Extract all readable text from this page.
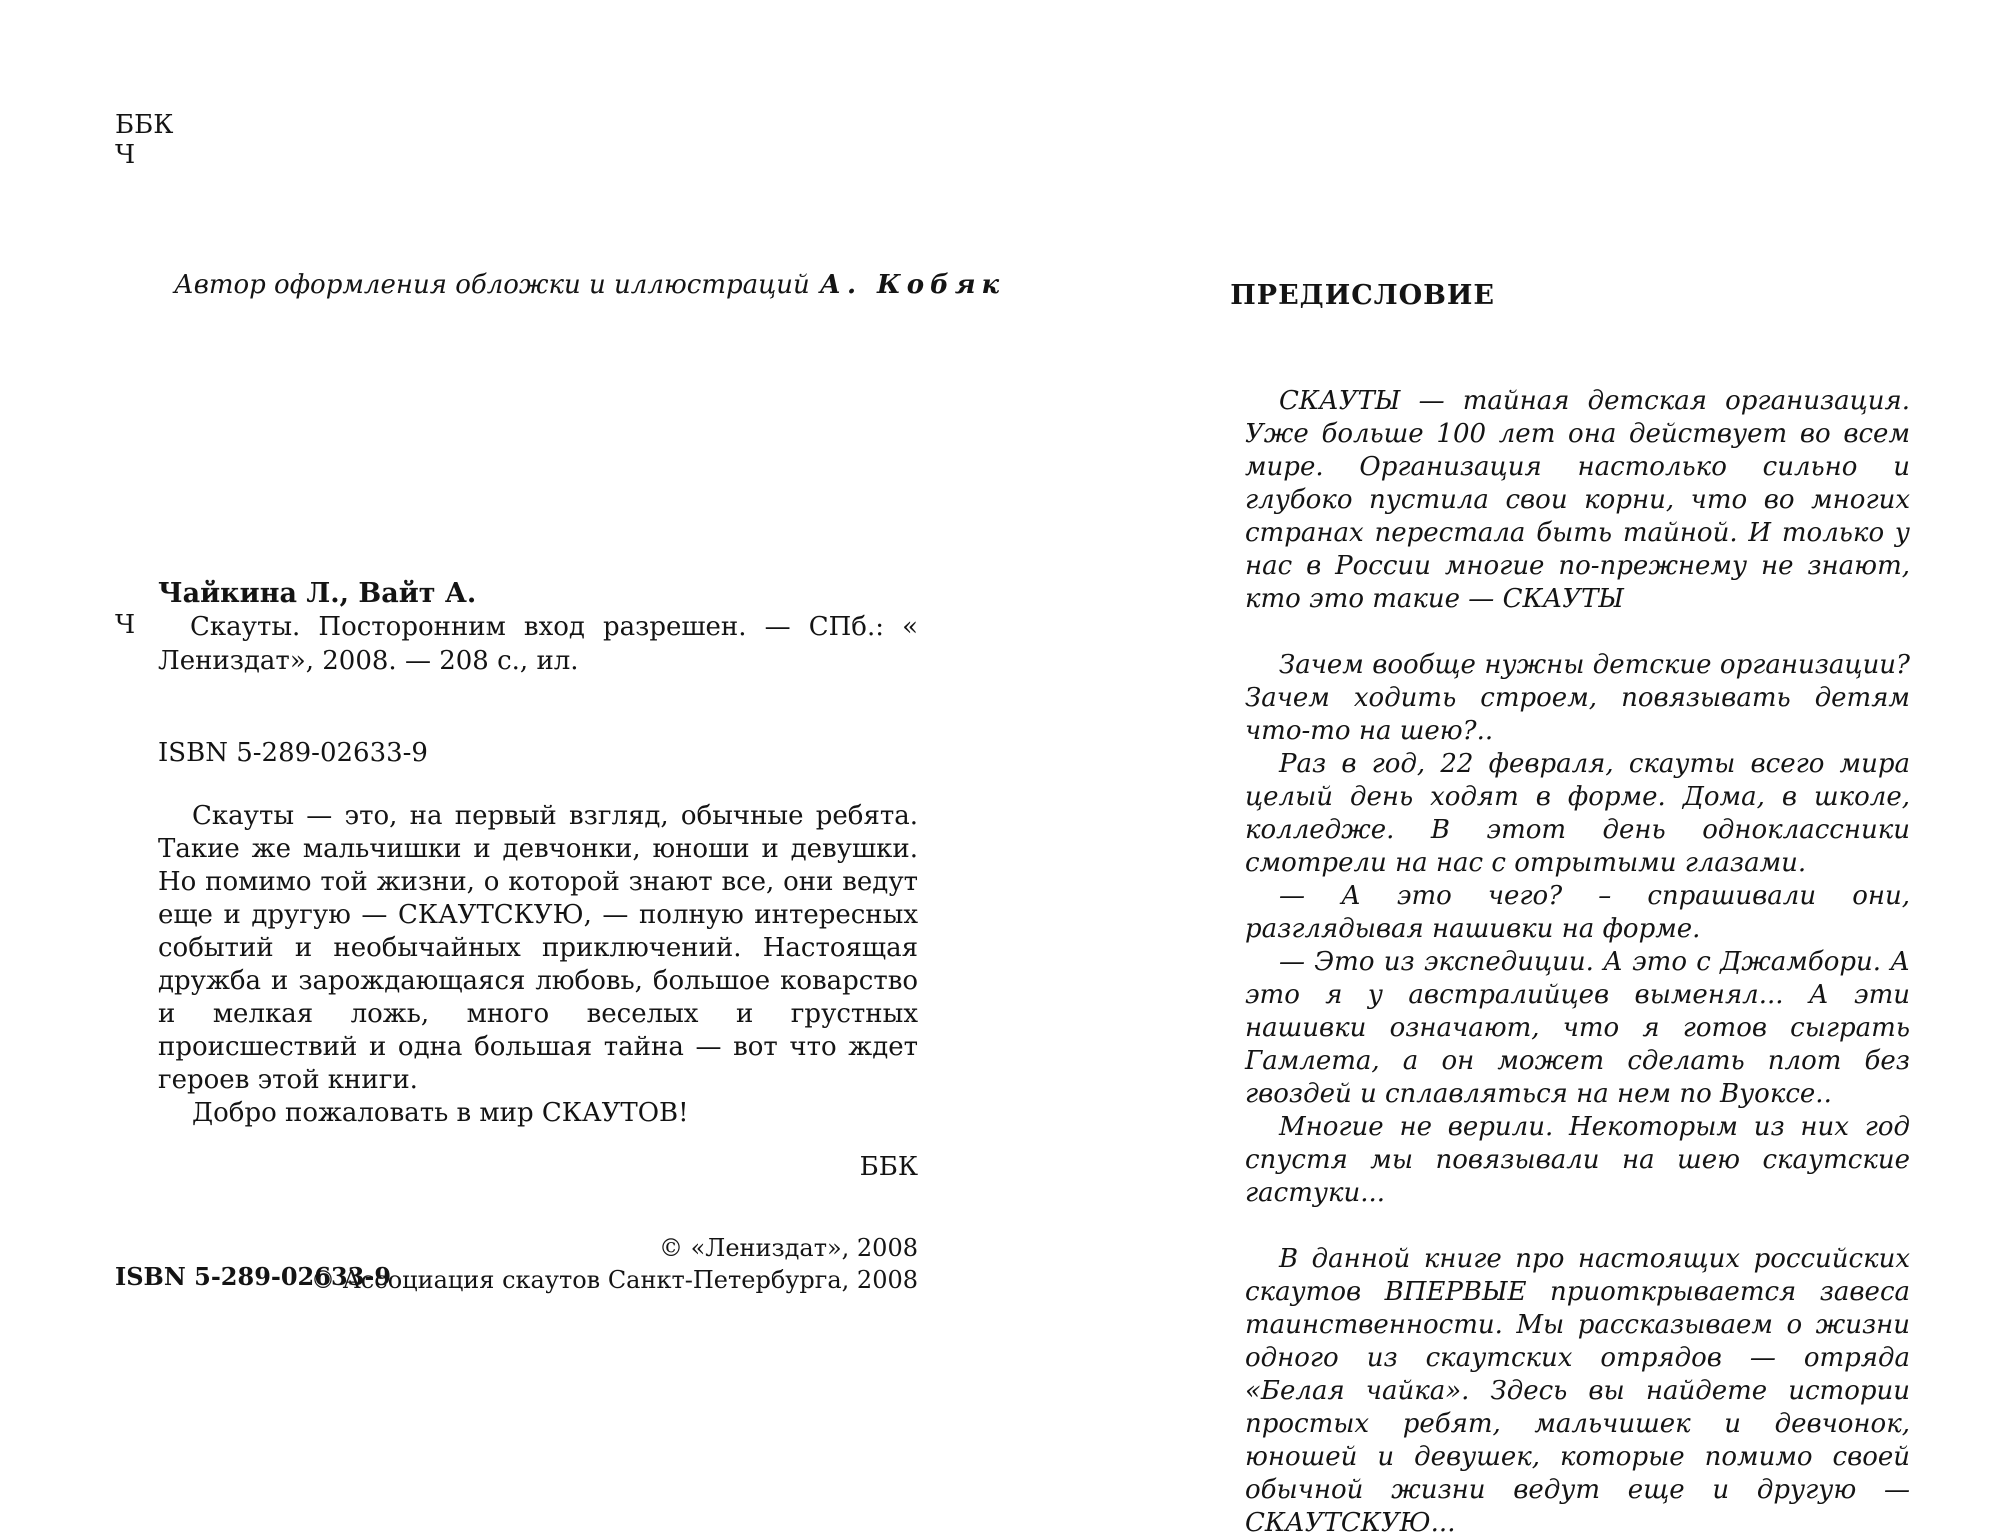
ББК
Ч
Автор оформления обложки и иллюстраций А. Кобяк
Чайкина Л., Вайт А.
Ч	Скауты. Посторонним вход разрешен. — СПб.: « Лениздат», 2008. — 208 с., ил.
ISBN 5-289-02633-9

Скауты — это, на первый взгляд, обычные ребята. Такие же мальчишки и девчонки, юноши и девушки. Но помимо той жизни, о которой знают все, они ведут еще и другую — СКАУТСКУЮ, — полную интересных событий и необычайных приключений. Настоящая дружба и зарождающаяся любовь, большое коварство и мелкая ложь, много веселых и грустных происшествий и одна большая тайна — вот что ждет героев этой книги.

Добро пожаловать в мир СКАУТОВ!

ББК
ISBN 5-289-02633-9
© «Лениздат», 2008
© Ассоциация скаутов Санкт-Петербурга, 2008
ПРЕДИСЛОВИЕ

СКАУТЫ — тайная детская организация. Уже больше 100 лет она действует во всем мире. Организация настолько сильно и глубоко пустила свои корни, что во многих странах перестала быть тайной. И только у нас в России многие по-прежнему не знают, кто это такие — СКАУТЫ

Зачем вообще нужны детские организации? Зачем ходить строем, повязывать детям что-то на шею?..

Раз в год, 22 февраля, скауты всего мира целый день ходят в форме. Дома, в школе, колледже. В этот день одноклассники смотрели на нас с отрытыми глазами.

— А это чего? – спрашивали они, разглядывая нашивки на форме.

— Это из экспедиции. А это с Джамбори. А это я у австралийцев выменял... А эти нашивки означают, что я готов сыграть Гамлета, а он может сделать плот без гвоздей и сплавляться на нем по Вуоксе..

Многие не верили. Некоторым из них год спустя мы повязывали на шею скаутские гастуки...

В данной книге про настоящих российских скаутов ВПЕРВЫЕ приоткрывается завеса таинственности. Мы рассказываем о жизни одного из скаутских отрядов — отряда «Белая чайка». Здесь вы найдете истории простых ребят, мальчишек и девчонок, юношей и девушек, которые помимо своей обычной жизни ведут еще и другую — СКАУТСКУЮ...
